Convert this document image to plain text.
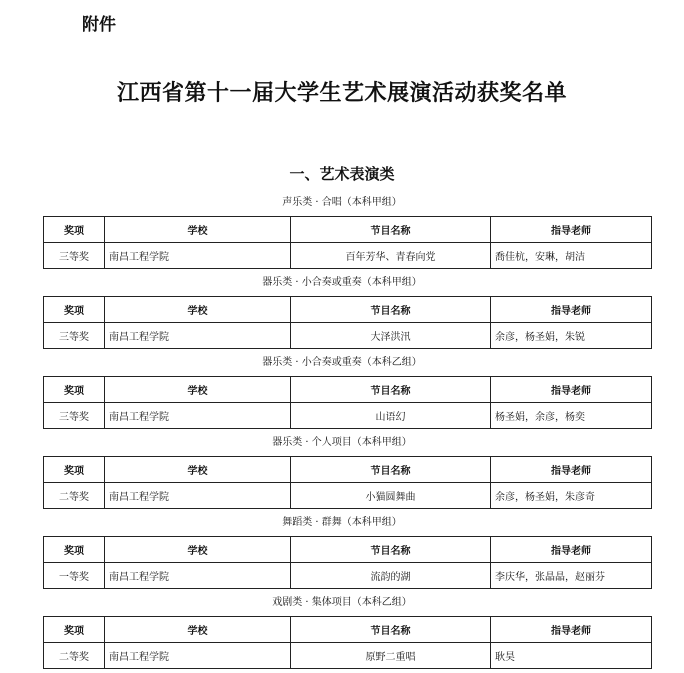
附件
江西省第十一届大学生艺术展演活动获奖名单
一、艺术表演类
声乐类 · 合唱（本科甲组）
奖项	学校	节目名称	指导老师
三等奖	南昌工程学院	百年芳华、青春向党	喬佳杭，安琳，胡洁
器乐类 · 小合奏或重奏（本科甲组）
奖项	学校	节目名称	指导老师
三等奖	南昌工程学院	大泽洪汛	余彦，杨圣娟，朱锐
器乐类 · 小合奏或重奏（本科乙组）
奖项	学校	节目名称	指导老师
三等奖	南昌工程学院	山语幻	杨圣娟，余彦，杨奕
器乐类 · 个人项目（本科甲组）
奖项	学校	节目名称	指导老师
二等奖	南昌工程学院	小猫圆舞曲	余彦，杨圣娟，朱彦奇
舞蹈类 · 群舞（本科甲组）
奖项	学校	节目名称	指导老师
一等奖	南昌工程学院	流韵的湖	李庆华，张晶晶，赵丽芬
戏剧类 · 集体项目（本科乙组）
奖项	学校	节目名称	指导老师
二等奖	南昌工程学院	原野二重唱	耿昊
